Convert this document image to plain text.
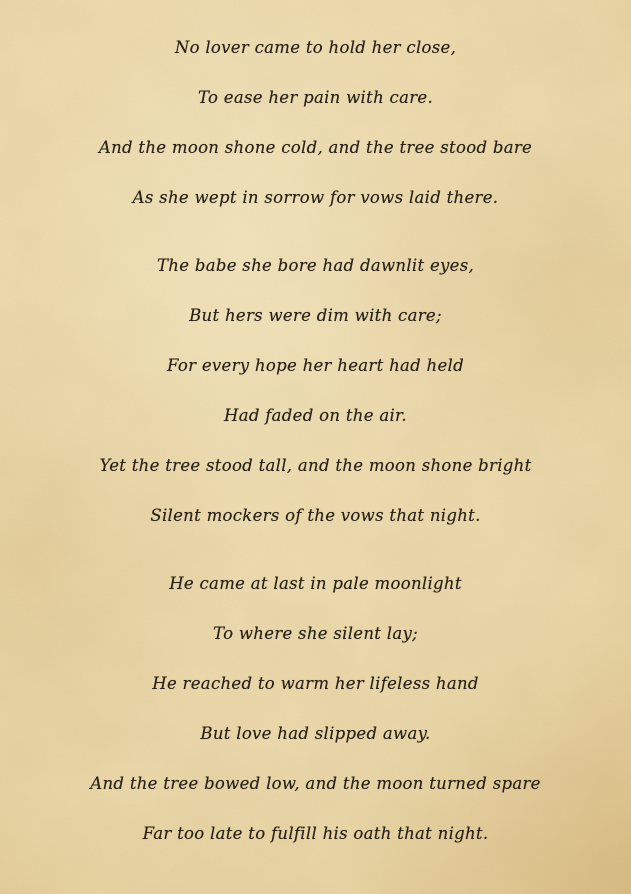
No lover came to hold her close,

To ease her pain with care.

And the moon shone cold, and the tree stood bare

As she wept in sorrow for vows laid there.

The babe she bore had dawnlit eyes,

But hers were dim with care;

For every hope her heart had held

Had faded on the air.

Yet the tree stood tall, and the moon shone bright

Silent mockers of the vows that night.

He came at last in pale moonlight

To where she silent lay;

He reached to warm her lifeless hand

But love had slipped away.

And the tree bowed low, and the moon turned spare

Far too late to fulfill his oath that night.
